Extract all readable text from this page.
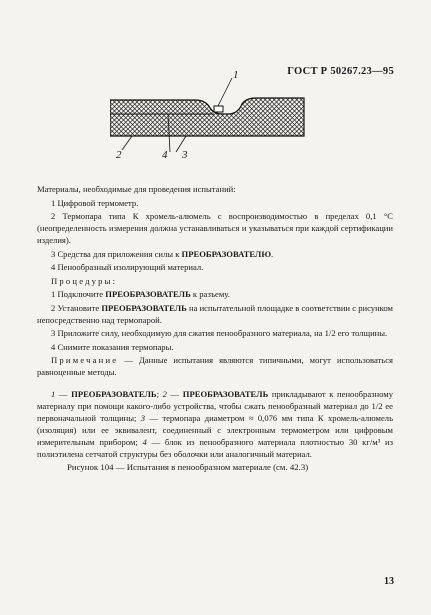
ГОСТ Р 50267.23—95
1
2	4 3

Материалы, необходимые для проведения испытаний:

1 Цифровой термометр.

2 Термопара типа К хромель-алюмель с воспроизводимостью в пределах 0,1 °С (неопределенность измерения должна устанавливаться и указываться при каждой сертификации изделия).

3 Средства для приложения силы к ПРЕОБРАЗОВАТЕЛЮ.

4 Пенообразный изолирующий материал.

Процедуры:

1 Подключите ПРЕОБРАЗОВАТЕЛЬ к разъему.

2 Установите ПРЕОБРАЗОВАТЕЛЬ на испытательной площадке в соответствии с рисунком непосредственно над термопарой.

3 Приложите силу, необходимую для сжатия пенообразного материала, на 1/2 его толщины.

4 Снимите показания термопары.

Примечание — Данные испытания являются типичными, могут использоваться равноценные методы.

1 — ПРЕОБРАЗОВАТЕЛЬ; 2 — ПРЕОБРАЗОВАТЕЛЬ прикладывают к пенообразному материалу при помощи какого-либо устройства, чтобы сжать пенообразный материал до 1/2 ее первоначальной толщины; 3 — термопара диаметром ≈ 0,076 мм типа К хромель-алюмель (изоляция) или ее эквивалент, соединенный с электронным термометром или цифровым измерительным прибором; 4 — блок из пенообразного материала плотностью 30 кг/м³ из полиэтилена сетчатой структуры без оболочки или аналогичный материал.

Рисунок 104 — Испытания в пенообразном материале (см. 42.3)

13
